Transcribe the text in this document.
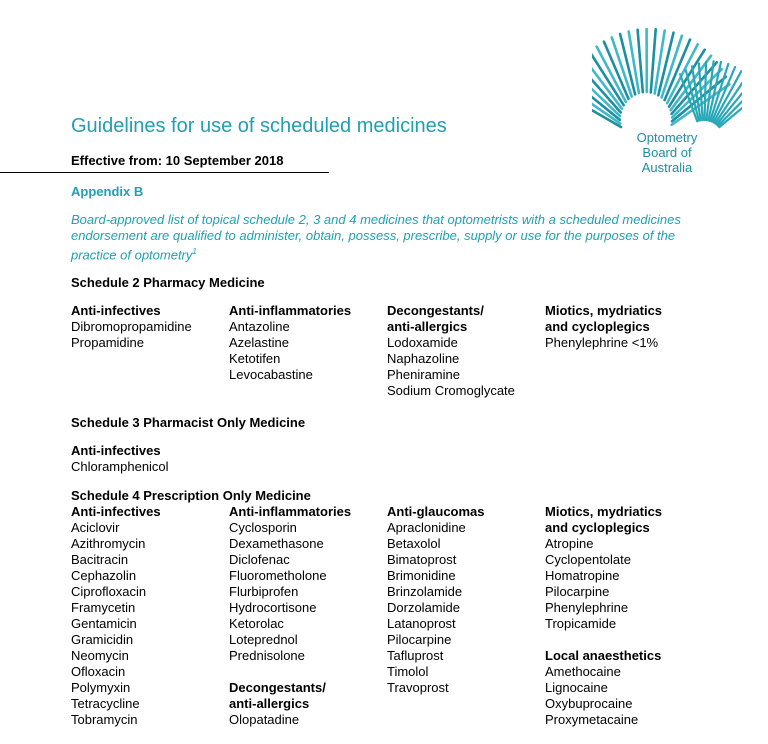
Optometry
Board of
Australia
Guidelines for use of scheduled medicines
Effective from: 10 September 2018
Appendix B
Board-approved list of topical schedule 2, 3 and 4 medicines that optometrists with a scheduled medicines endorsement are qualified to administer, obtain, possess, prescribe, supply or use for the purposes of the practice of optometry$^1$
Schedule 2 Pharmacy Medicine
Anti-infectives
Dibromopropamidine
Propamidine
Anti-inflammatories
Antazoline
Azelastine
Ketotifen
Levocabastine
Decongestants/
anti-allergics
Lodoxamide
Naphazoline
Pheniramine
Sodium Cromoglycate
Miotics, mydriatics
and cycloplegics
Phenylephrine <1%
Schedule 3 Pharmacist Only Medicine
Anti-infectives
Chloramphenicol
Schedule 4 Prescription Only Medicine
Anti-infectives
Aciclovir
Azithromycin
Bacitracin
Cephazolin
Ciprofloxacin
Framycetin
Gentamicin
Gramicidin
Neomycin
Ofloxacin
Polymyxin
Tetracycline
Tobramycin
Anti-inflammatories
Cyclosporin
Dexamethasone
Diclofenac
Fluorometholone
Flurbiprofen
Hydrocortisone
Ketorolac
Loteprednol
Prednisolone
Decongestants/
anti-allergics
Olopatadine
Anti-glaucomas
Apraclonidine
Betaxolol
Bimatoprost
Brimonidine
Brinzolamide
Dorzolamide
Latanoprost
Pilocarpine
Tafluprost
Timolol
Travoprost
Miotics, mydriatics
and cycloplegics
Atropine
Cyclopentolate
Homatropine
Pilocarpine
Phenylephrine
Tropicamide
Local anaesthetics
Amethocaine
Lignocaine
Oxybuprocaine
Proxymetacaine
